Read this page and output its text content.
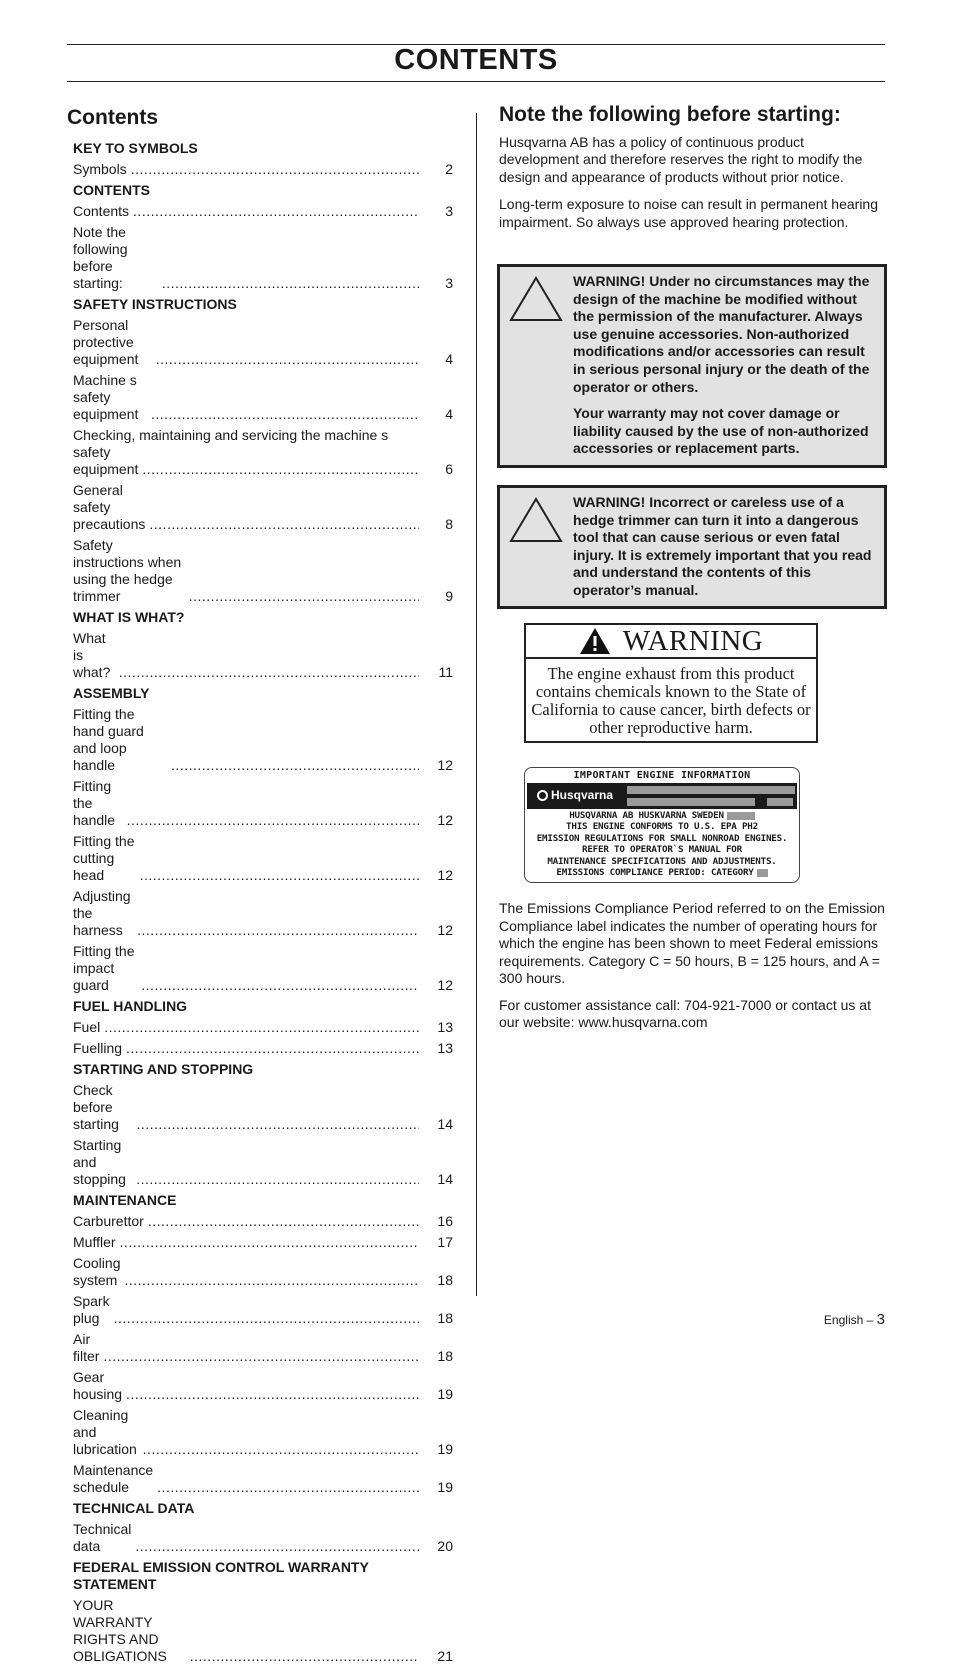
CONTENTS
Contents
KEY TO SYMBOLS
Symbols .....	2
CONTENTS
Contents .....	3
Note the following before starting: .....	3
SAFETY INSTRUCTIONS
Personal protective equipment .....	4
Machine s safety equipment .....	4
Checking, maintaining and servicing the machine s
safety equipment .....	6
General safety precautions .....	8
Safety instructions when using the hedge trimmer .....	9
WHAT IS WHAT?
What is what? .....	11
ASSEMBLY
Fitting the hand guard and loop handle .....	12
Fitting the handle .....	12
Fitting the cutting head .....	12
Adjusting the harness .....	12
Fitting the impact guard .....	12
FUEL HANDLING
Fuel .....	13
Fuelling .....	13
STARTING AND STOPPING
Check before starting .....	14
Starting and stopping .....	14
MAINTENANCE
Carburettor .....	16
Muffler .....	17
Cooling system .....	18
Spark plug .....	18
Air filter .....	18
Gear housing .....	19
Cleaning and lubrication .....	19
Maintenance schedule .....	19
TECHNICAL DATA
Technical data .....	20
FEDERAL EMISSION CONTROL WARRANTY STATEMENT
YOUR WARRANTY RIGHTS AND OBLIGATIONS .....	21
Note the following before starting:

Husqvarna AB has a policy of continuous product development and therefore reserves the right to modify the design and appearance of products without prior notice.

Long-term exposure to noise can result in permanent hearing impairment. So always use approved hearing protection.

WARNING! Under no circumstances may the design of the machine be modified without the permission of the manufacturer. Always use genuine accessories. Non-authorized modifications and/or accessories can result in serious personal injury or the death of the operator or others.

Your warranty may not cover damage or liability caused by the use of non-authorized accessories or replacement parts.

WARNING! Incorrect or careless use of a hedge trimmer can turn it into a dangerous tool that can cause serious or even fatal injury. It is extremely important that you read and understand the contents of this operator’s manual.

WARNING
The engine exhaust from this product contains chemicals known to the State of California to cause cancer, birth defects or other reproductive harm.
IMPORTANT ENGINE INFORMATION
Husqvarna
HUSQVARNA AB HUSKVARNA SWEDEN
THIS ENGINE CONFORMS TO U.S. EPA PH2
EMISSION REGULATIONS FOR SMALL NONROAD ENGINES.
REFER TO OPERATOR`S MANUAL FOR
MAINTENANCE SPECIFICATIONS AND ADJUSTMENTS.
EMISSIONS COMPLIANCE PERIOD: CATEGORY

The Emissions Compliance Period referred to on the Emission Compliance label indicates the number of operating hours for which the engine has been shown to meet Federal emissions requirements. Category C = 50 hours, B = 125 hours, and A = 300 hours.

For customer assistance call: 704-921-7000 or contact us at our website: www.husqvarna.com

English – 3
